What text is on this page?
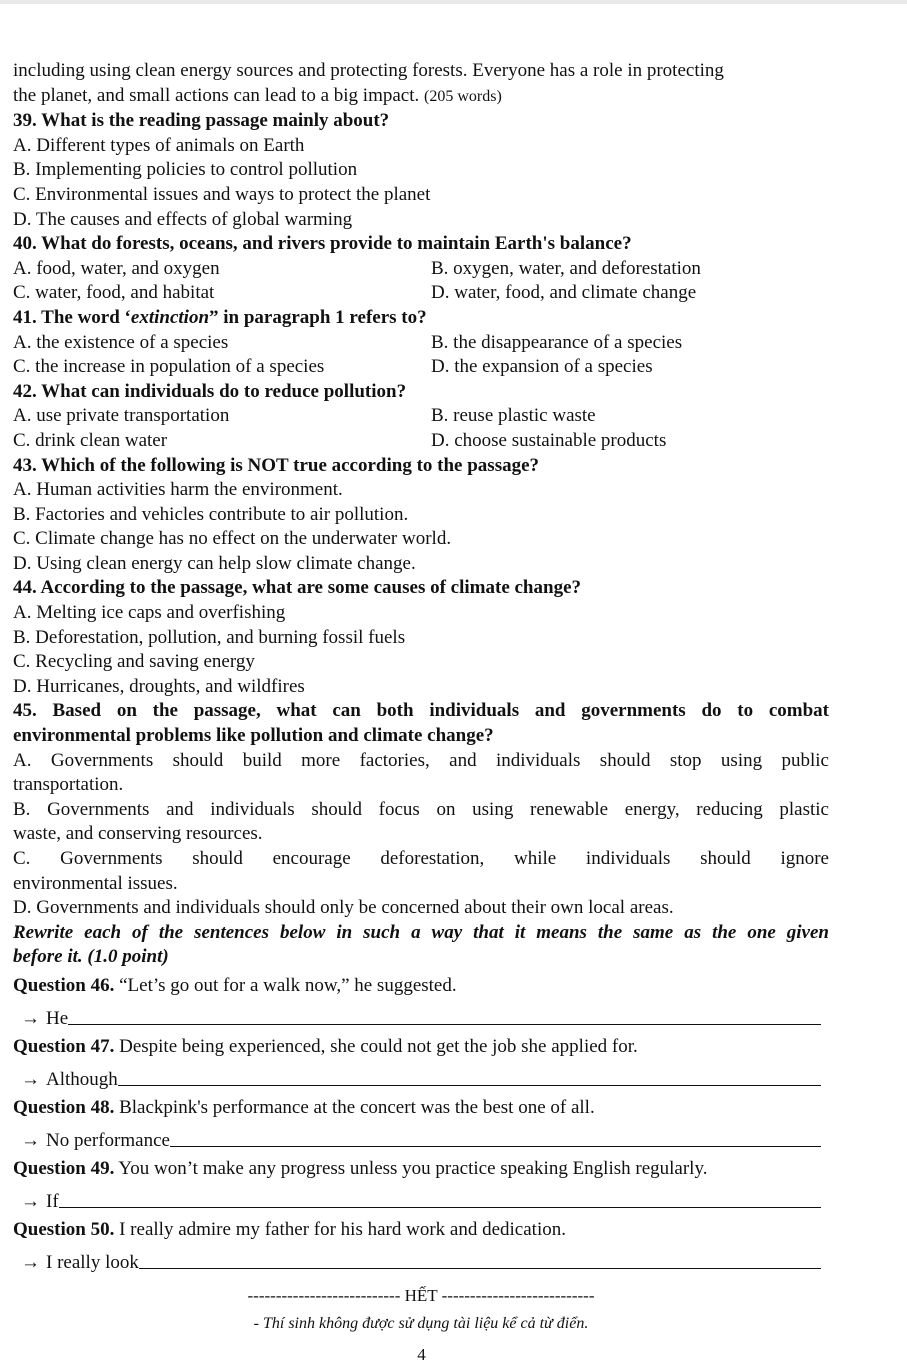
including using clean energy sources and protecting forests. Everyone has a role in protecting
the planet, and small actions can lead to a big impact. (205 words)
39. What is the reading passage mainly about?
A. Different types of animals on Earth
B. Implementing policies to control pollution
C. Environmental issues and ways to protect the planet
D. The causes and effects of global warming
40. What do forests, oceans, and rivers provide to maintain Earth's balance?
A. food, water, and oxygen	B. oxygen, water, and deforestation
C. water, food, and habitat	D. water, food, and climate change
41. The word ‘extinction” in paragraph 1 refers to?
A. the existence of a species	B. the disappearance of a species
C. the increase in population of a species	D. the expansion of a species
42. What can individuals do to reduce pollution?
A. use private transportation	B. reuse plastic waste
C. drink clean water	D. choose sustainable products
43. Which of the following is NOT true according to the passage?
A. Human activities harm the environment.
B. Factories and vehicles contribute to air pollution.
C. Climate change has no effect on the underwater world.
D. Using clean energy can help slow climate change.
44. According to the passage, what are some causes of climate change?
A. Melting ice caps and overfishing
B. Deforestation, pollution, and burning fossil fuels
C. Recycling and saving energy
D. Hurricanes, droughts, and wildfires
45. Based on the passage, what can both individuals and governments do to combat
environmental problems like pollution and climate change?
A. Governments should build more factories, and individuals should stop using public
transportation.
B. Governments and individuals should focus on using renewable energy, reducing plastic
waste, and conserving resources.
C. Governments should encourage deforestation, while individuals should ignore
environmental issues.
D. Governments and individuals should only be concerned about their own local areas.
Rewrite each of the sentences below in such a way that it means the same as the one given
before it. (1.0 point)
Question 46. “Let’s go out for a walk now,” he suggested.
→ He
Question 47. Despite being experienced, she could not get the job she applied for.
→ Although
Question 48. Blackpink's performance at the concert was the best one of all.
→ No performance
Question 49. You won’t make any progress unless you practice speaking English regularly.
→ If
Question 50. I really admire my father for his hard work and dedication.
→ I really look
--------------------------- HẾT ---------------------------
- Thí sinh không được sử dụng tài liệu kể cả từ điển.
4
